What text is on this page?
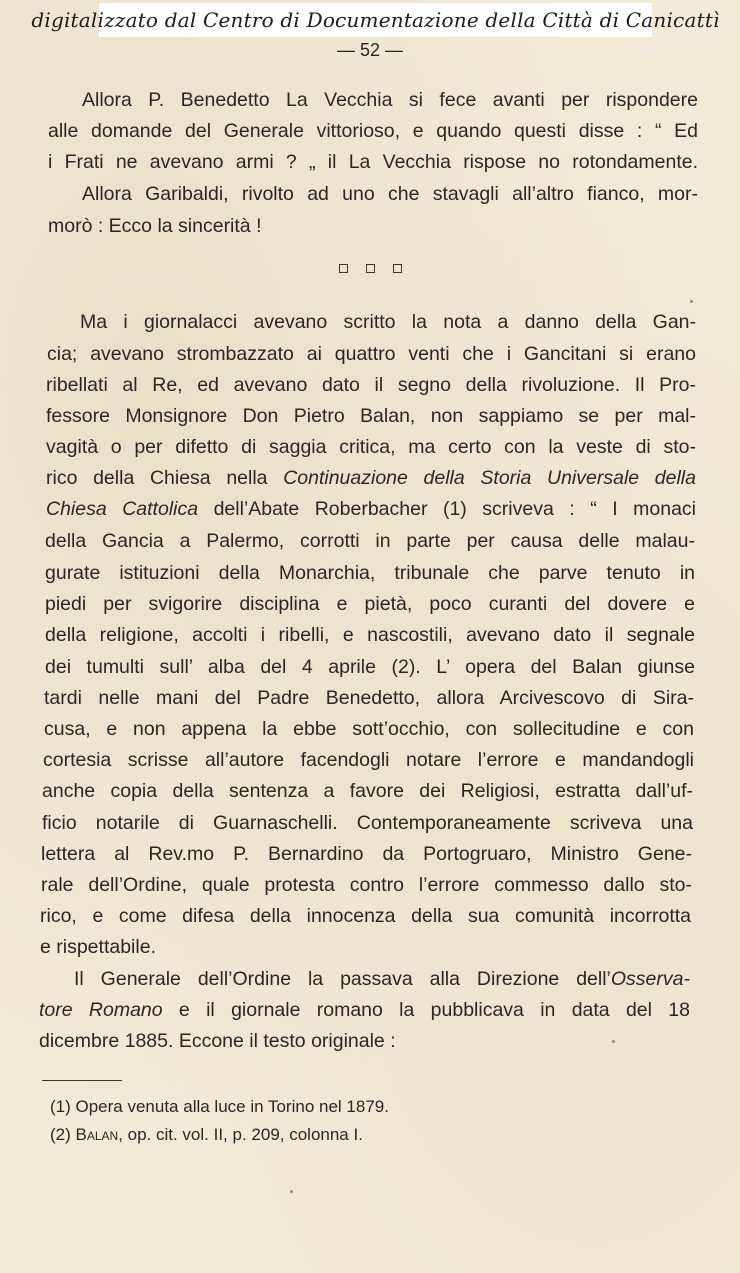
digitalizzato dal Centro di Documentazione della Città di Canicattì
— 52 —
Allora P. Benedetto La Vecchia si fece avanti per rispondere
alle domande del Generale vittorioso, e quando questi disse : “ Ed
i Frati ne avevano armi ? „ il La Vecchia rispose no rotondamente.
Allora Garibaldi, rivolto ad uno che stavagli all’altro fianco, mor-
morò : Ecco la sincerità !
Ma i giornalacci avevano scritto la nota a danno della Gan-
cia; avevano strombazzato ai quattro venti che i Gancitani si erano
ribellati al Re, ed avevano dato il segno della rivoluzione. Il Pro-
fessore Monsignore Don Pietro Balan, non sappiamo se per mal-
vagità o per difetto di saggia critica, ma certo con la veste di sto-
rico della Chiesa nella Continuazione della Storia Universale della
Chiesa Cattolica dell’Abate Roberbacher (1) scriveva : “ I monaci
della Gancia a Palermo, corrotti in parte per causa delle malau-
gurate istituzioni della Monarchia, tribunale che parve tenuto in
piedi per svigorire disciplina e pietà, poco curanti del dovere e
della religione, accolti i ribelli, e nascostili, avevano dato il segnale
dei tumulti sull’ alba del 4 aprile (2). L’ opera del Balan giunse
tardi nelle mani del Padre Benedetto, allora Arcivescovo di Sira-
cusa, e non appena la ebbe sott’occhio, con sollecitudine e con
cortesia scrisse all’autore facendogli notare l’errore e mandandogli
anche copia della sentenza a favore dei Religiosi, estratta dall’uf-
ficio notarile di Guarnaschelli. Contemporaneamente scriveva una
lettera al Rev.mo P. Bernardino da Portogruaro, Ministro Gene-
rale dell’Ordine, quale protesta contro l’errore commesso dallo sto-
rico, e come difesa della innocenza della sua comunità incorrotta
e rispettabile.
Il Generale dell’Ordine la passava alla Direzione dell’Osserva-
tore Romano e il giornale romano la pubblicava in data del 18
dicembre 1885. Eccone il testo originale :
(1) Opera venuta alla luce in Torino nel 1879.
(2) Balan, op. cit. vol. II, p. 209, colonna I.
